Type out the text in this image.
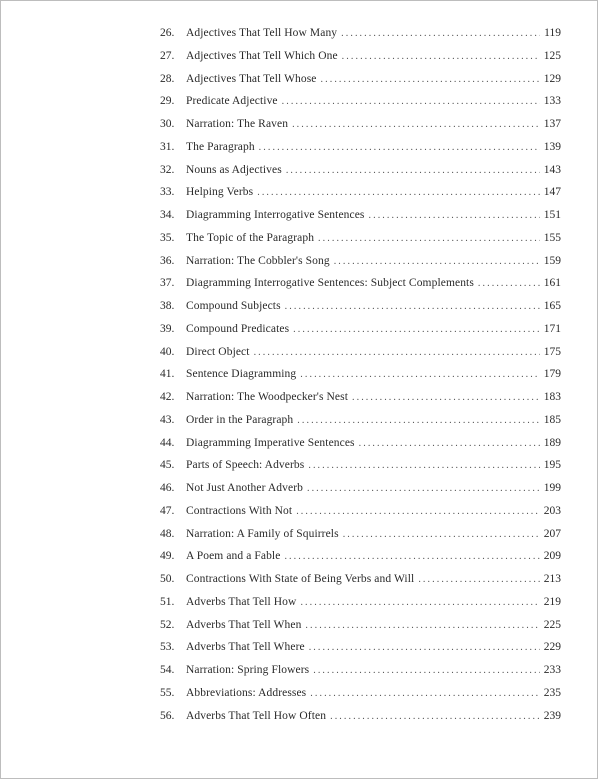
26.	Adjectives That Tell How Many . . .	119
27.	Adjectives That Tell Which One . . .	125
28.	Adjectives That Tell Whose . . .	129
29.	Predicate Adjective . . .	133
30.	Narration: The Raven . . .	137
31.	The Paragraph . . .	139
32.	Nouns as Adjectives . . .	143
33.	Helping Verbs . . .	147
34.	Diagramming Interrogative Sentences . . .	151
35.	The Topic of the Paragraph . . .	155
36.	Narration: The Cobbler's Song . . .	159
37.	Diagramming Interrogative Sentences: Subject Complements . . .	161
38.	Compound Subjects . . .	165
39.	Compound Predicates . . .	171
40.	Direct Object . . .	175
41.	Sentence Diagramming . . .	179
42.	Narration: The Woodpecker's Nest . . .	183
43.	Order in the Paragraph . . .	185
44.	Diagramming Imperative Sentences . . .	189
45.	Parts of Speech: Adverbs . . .	195
46.	Not Just Another Adverb . . .	199
47.	Contractions With Not . . .	203
48.	Narration: A Family of Squirrels . . .	207
49.	A Poem and a Fable . . .	209
50.	Contractions With State of Being Verbs and Will . . .	213
51.	Adverbs That Tell How . . .	219
52.	Adverbs That Tell When . . .	225
53.	Adverbs That Tell Where . . .	229
54.	Narration: Spring Flowers . . .	233
55.	Abbreviations: Addresses . . .	235
56.	Adverbs That Tell How Often . . .	239
